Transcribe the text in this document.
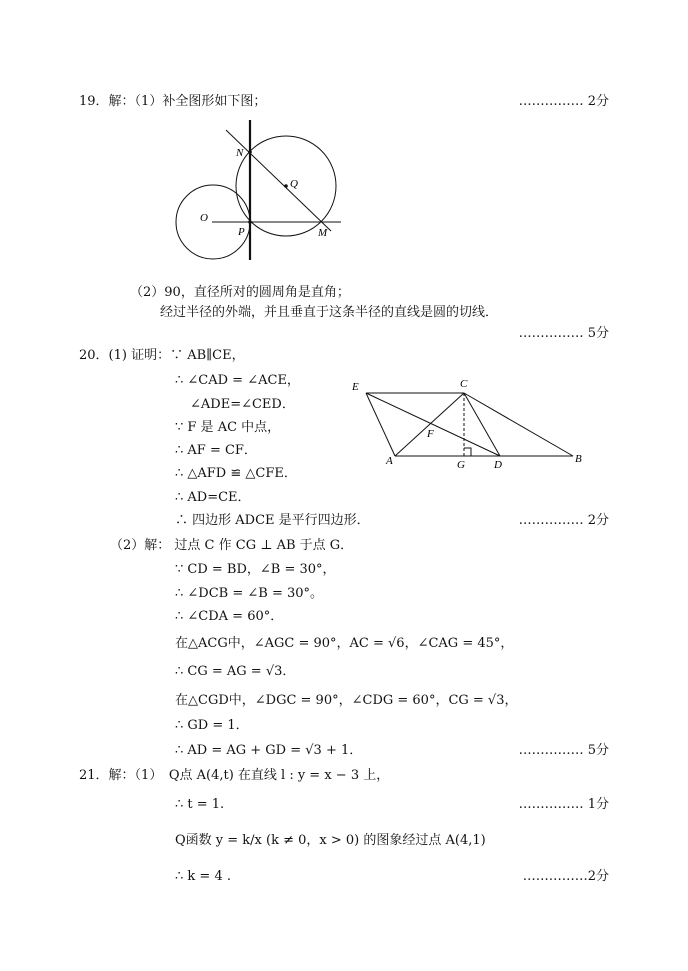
19．解：（1）补全图形如下图；	…………… 2分
N
Q
O
P	M
（2）90，直径所对的圆周角是直角；
经过半径的外端，并且垂直于这条半径的直线是圆的切线．
…………… 5分
20．(1) 证明：∵ AB∥CE，
∴ ∠CAD = ∠ACE，
∠ADE=∠CED．
∵ F 是 AC 中点，
∴ AF = CF．
∴ △AFD ≌ △CFE．
∴ AD=CE．
∴ 四边形 ADCE 是平行四边形．	…………… 2分
E	C
F
A	G	D	B
（2）解： 过点 C 作 CG ⊥ AB 于点 G．
∵ CD = BD，∠B = 30°，
∴ ∠DCB = ∠B = 30°。
∴ ∠CDA = 60°．
在△ACG中，∠AGC = 90°，AC = √6，∠CAG = 45°，
∴ CG = AG = √3．
在△CGD中，∠DGC = 90°，∠CDG = 60°，CG = √3，
∴ GD = 1．
∴ AD = AG + GD = √3 + 1．	…………… 5分
21．解：（1）　Q点 A(4,t) 在直线 l : y = x − 3 上，
∴ t = 1.	…………… 1分
Q函数 y = k/x (k ≠ 0，x > 0) 的图象经过点 A(4,1)
∴ k = 4 .	……………2分
